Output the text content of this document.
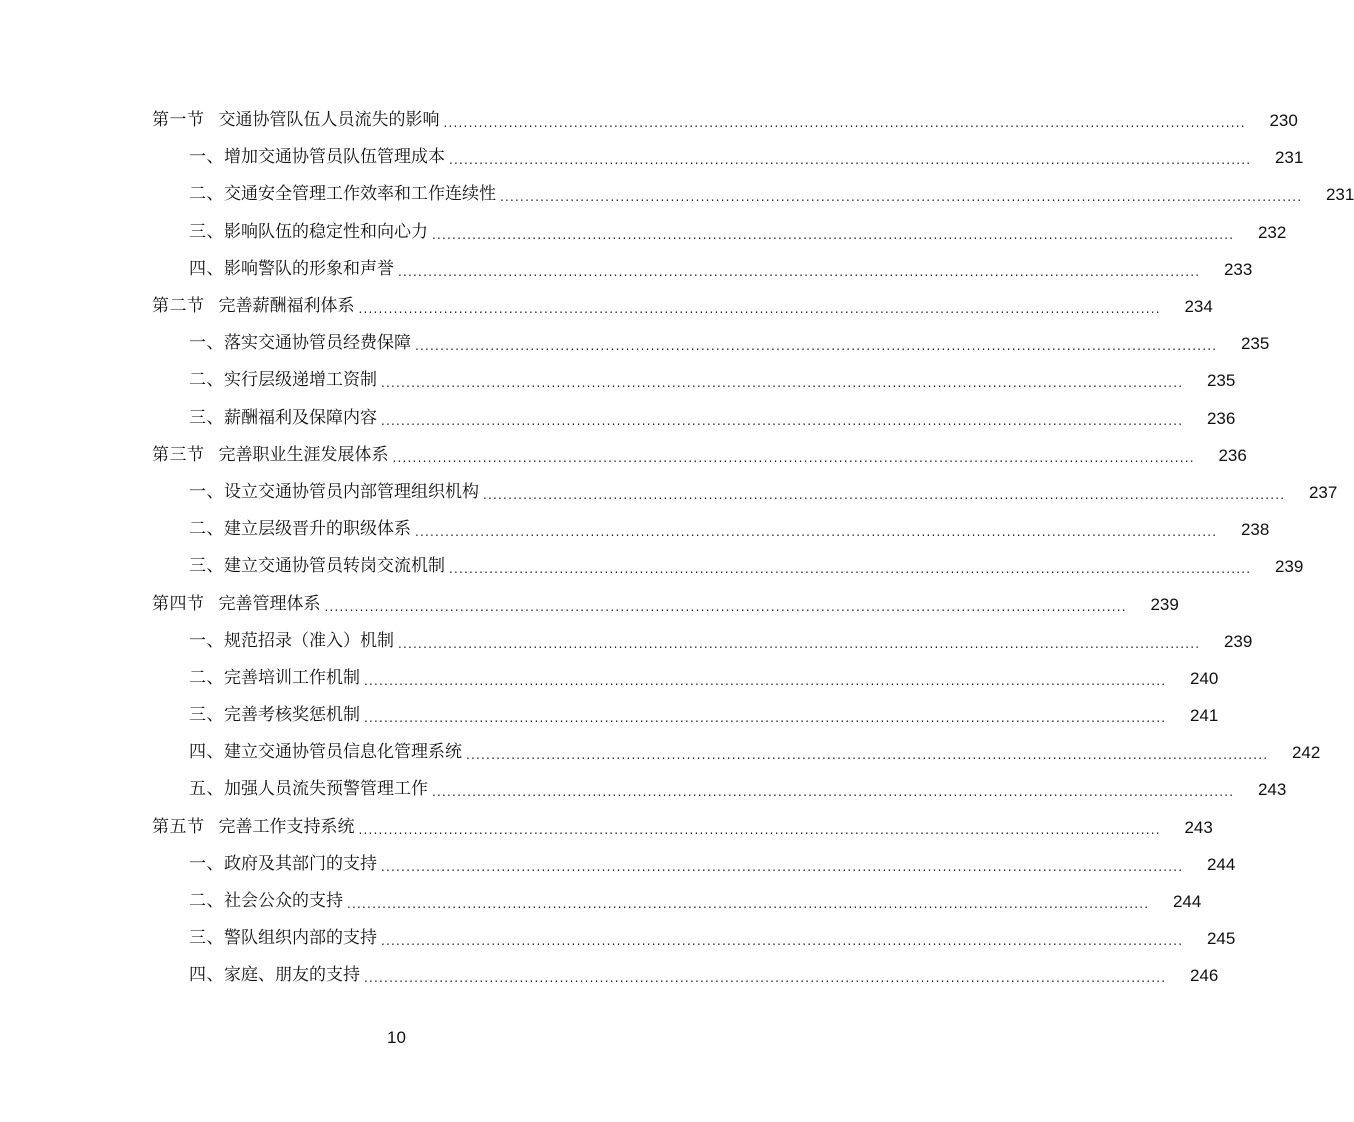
第一节 交通协管队伍人员流失的影响 ................................................................................................................................................................	230
一、 增加交通协管员队伍管理成本 ................................................................................................................................................................	231
二、 交通安全管理工作效率和工作连续性 ................................................................................................................................................................	231
三、 影响队伍的稳定性和向心力 ................................................................................................................................................................	232
四、 影响警队的形象和声誉 ................................................................................................................................................................	233
第二节 完善薪酬福利体系 ................................................................................................................................................................	234
一、 落实交通协管员经费保障 ................................................................................................................................................................	235
二、 实行层级递增工资制 ................................................................................................................................................................	235
三、 薪酬福利及保障内容 ................................................................................................................................................................	236
第三节 完善职业生涯发展体系 ................................................................................................................................................................	236
一、 设立交通协管员内部管理组织机构 ................................................................................................................................................................	237
二、 建立层级晋升的职级体系 ................................................................................................................................................................	238
三、 建立交通协管员转岗交流机制 ................................................................................................................................................................	239
第四节 完善管理体系 ................................................................................................................................................................	239
一、 规范招录（准入）机制 ................................................................................................................................................................	239
二、 完善培训工作机制 ................................................................................................................................................................	240
三、 完善考核奖惩机制 ................................................................................................................................................................	241
四、 建立交通协管员信息化管理系统 ................................................................................................................................................................	242
五、 加强人员流失预警管理工作 ................................................................................................................................................................	243
第五节 完善工作支持系统 ................................................................................................................................................................	243
一、 政府及其部门的支持 ................................................................................................................................................................	244
二、 社会公众的支持 ................................................................................................................................................................	244
三、 警队组织内部的支持 ................................................................................................................................................................	245
四、 家庭、朋友的支持 ................................................................................................................................................................	246
10
